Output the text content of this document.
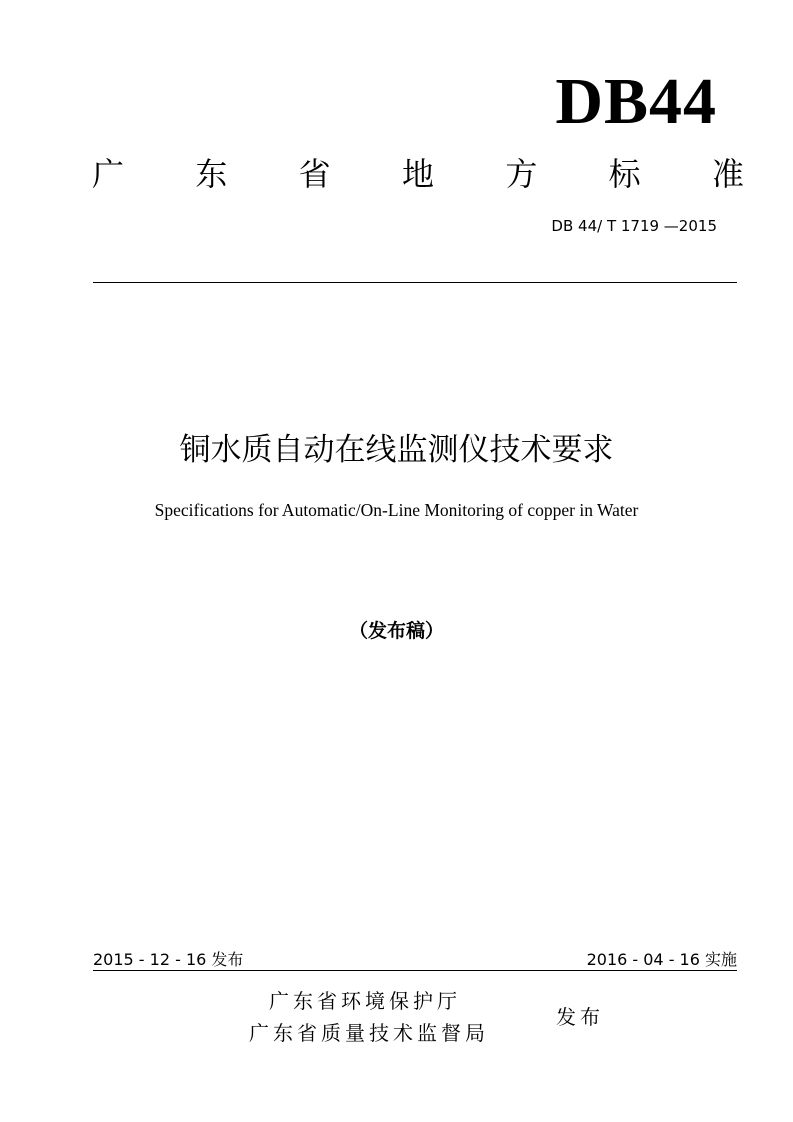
DB44
广 东 省 地 方 标 准
DB 44/ T 1719 —2015
铜水质自动在线监测仪技术要求
Specifications for Automatic/On-Line Monitoring of copper in Water
（发布稿）
2015 - 12 - 16 发布	2016 - 04 - 16 实施
广东省环境保护厅
广东省质量技术监督局
发布
